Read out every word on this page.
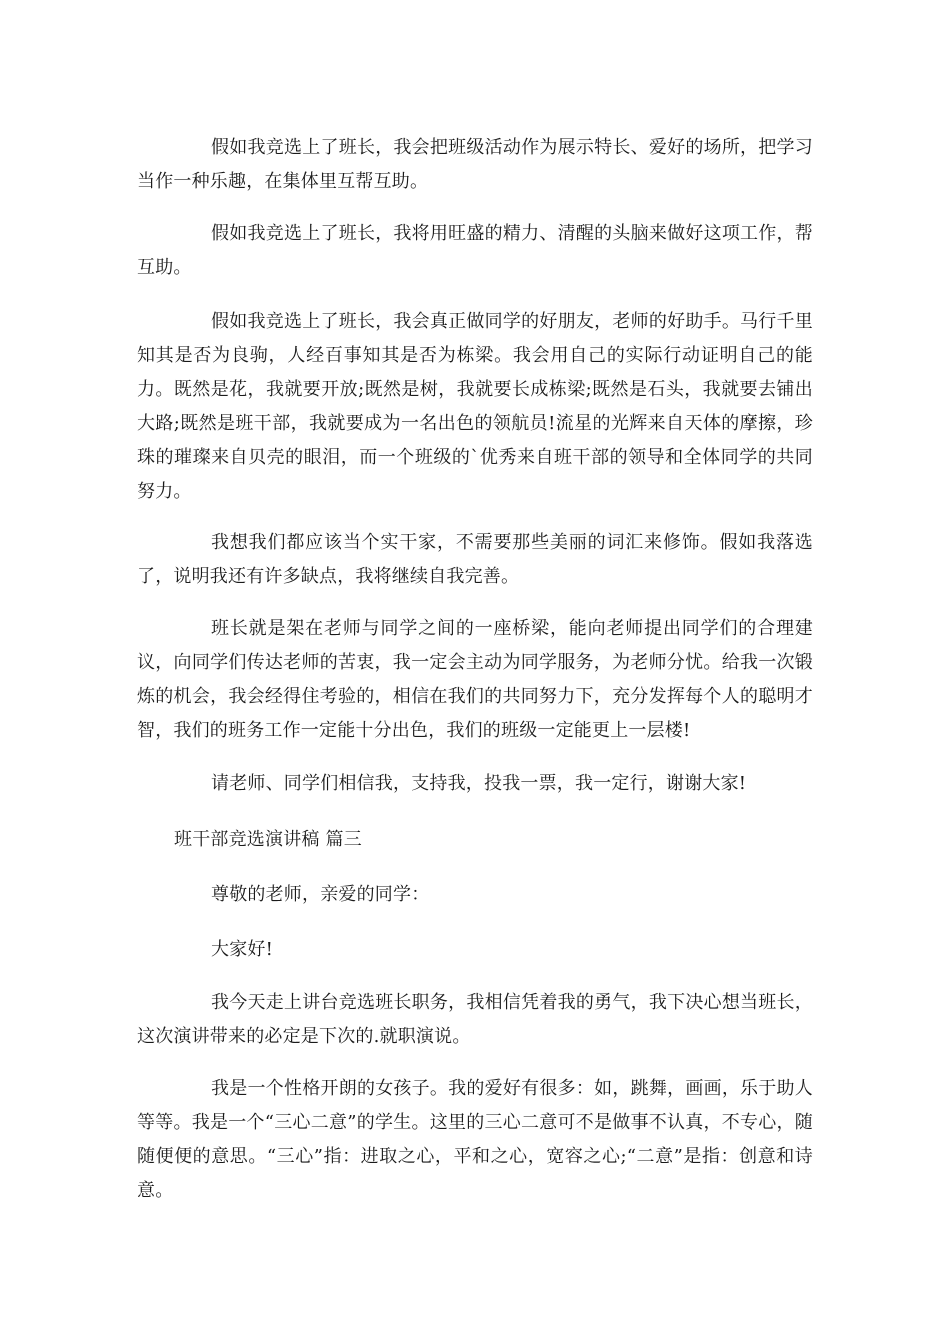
假如我竞选上了班长，我会把班级活动作为展示特长、爱好的场所，把学习当作一种乐趣，在集体里互帮互助。

假如我竞选上了班长，我将用旺盛的精力、清醒的头脑来做好这项工作，帮互助。

假如我竞选上了班长，我会真正做同学的好朋友，老师的好助手。马行千里知其是否为良驹，人经百事知其是否为栋梁。我会用自己的实际行动证明自己的能力。既然是花，我就要开放;既然是树，我就要长成栋梁;既然是石头，我就要去铺出大路;既然是班干部，我就要成为一名出色的领航员!流星的光辉来自天体的摩擦，珍珠的璀璨来自贝壳的眼泪，而一个班级的`优秀来自班干部的领导和全体同学的共同努力。

我想我们都应该当个实干家，不需要那些美丽的词汇来修饰。假如我落选了，说明我还有许多缺点，我将继续自我完善。

班长就是架在老师与同学之间的一座桥梁，能向老师提出同学们的合理建议，向同学们传达老师的苦衷，我一定会主动为同学服务，为老师分忧。给我一次锻炼的机会，我会经得住考验的，相信在我们的共同努力下，充分发挥每个人的聪明才智，我们的班务工作一定能十分出色，我们的班级一定能更上一层楼!

请老师、同学们相信我，支持我，投我一票，我一定行，谢谢大家!

班干部竞选演讲稿 篇三

尊敬的老师，亲爱的同学：

大家好!

我今天走上讲台竞选班长职务，我相信凭着我的勇气，我下决心想当班长，这次演讲带来的必定是下次的.就职演说。

我是一个性格开朗的女孩子。我的爱好有很多：如，跳舞，画画，乐于助人等等。我是一个“三心二意”的学生。这里的三心二意可不是做事不认真，不专心，随随便便的意思。“三心”指：进取之心，平和之心，宽容之心;“二意”是指：创意和诗意。
